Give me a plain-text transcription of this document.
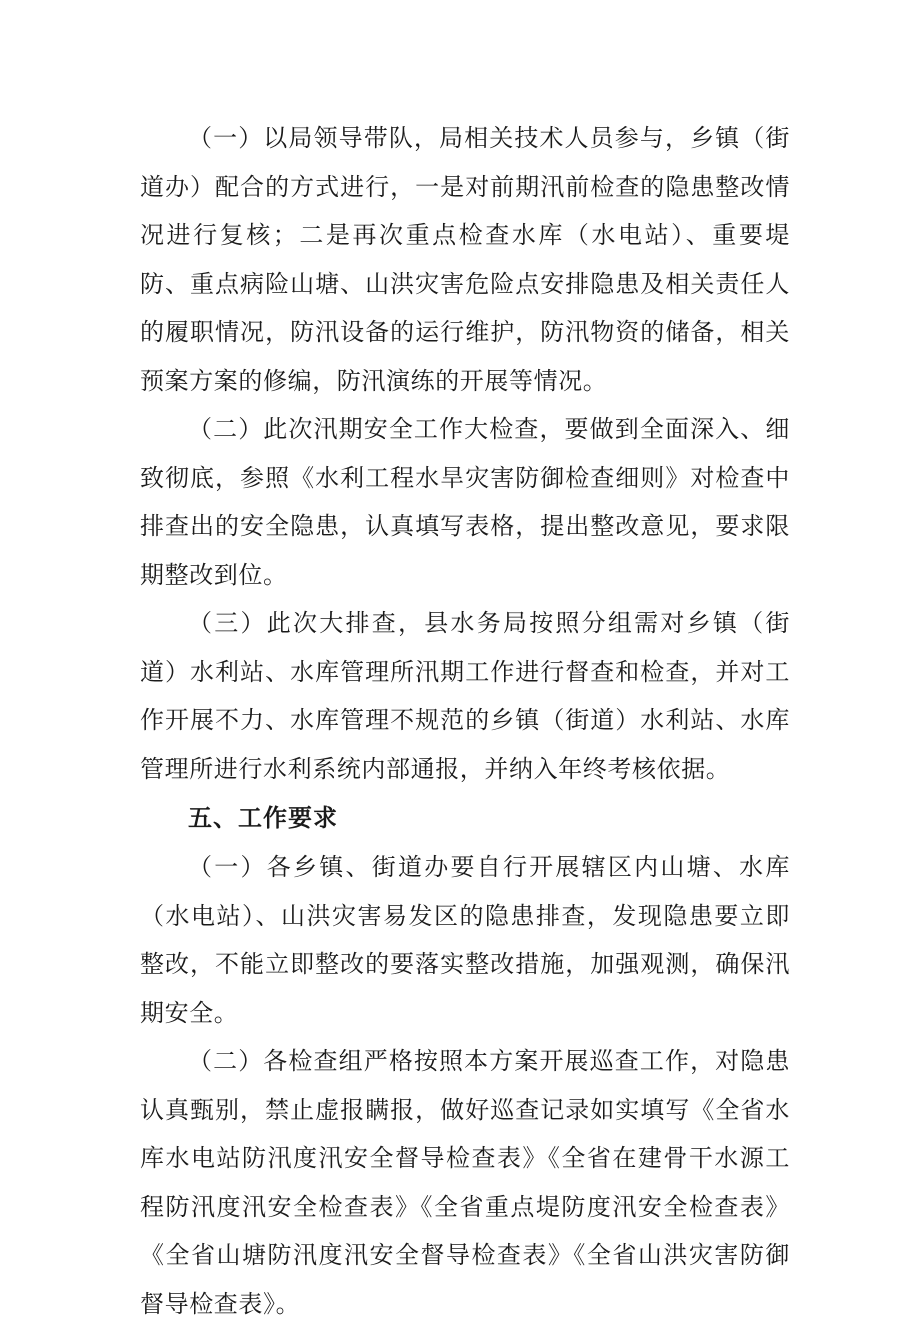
（一）以局领导带队，局相关技术人员参与，乡镇（街道办）配合的方式进行，一是对前期汛前检查的隐患整改情况进行复核；二是再次重点检查水库（水电站）、重要堤防、重点病险山塘、山洪灾害危险点安排隐患及相关责任人的履职情况，防汛设备的运行维护，防汛物资的储备，相关预案方案的修编，防汛演练的开展等情况。

（二）此次汛期安全工作大检查，要做到全面深入、细致彻底，参照《水利工程水旱灾害防御检查细则》对检查中排查出的安全隐患，认真填写表格，提出整改意见，要求限期整改到位。

（三）此次大排查，县水务局按照分组需对乡镇（街道）水利站、水库管理所汛期工作进行督查和检查，并对工作开展不力、水库管理不规范的乡镇（街道）水利站、水库管理所进行水利系统内部通报，并纳入年终考核依据。

五、工作要求

（一）各乡镇、街道办要自行开展辖区内山塘、水库（水电站）、山洪灾害易发区的隐患排查，发现隐患要立即整改，不能立即整改的要落实整改措施，加强观测，确保汛期安全。

（二）各检查组严格按照本方案开展巡查工作，对隐患认真甄别，禁止虚报瞒报，做好巡查记录如实填写《全省水库水电站防汛度汛安全督导检查表》《全省在建骨干水源工程防汛度汛安全检查表》《全省重点堤防度汛安全检查表》《全省山塘防汛度汛安全督导检查表》《全省山洪灾害防御督导检查表》。
